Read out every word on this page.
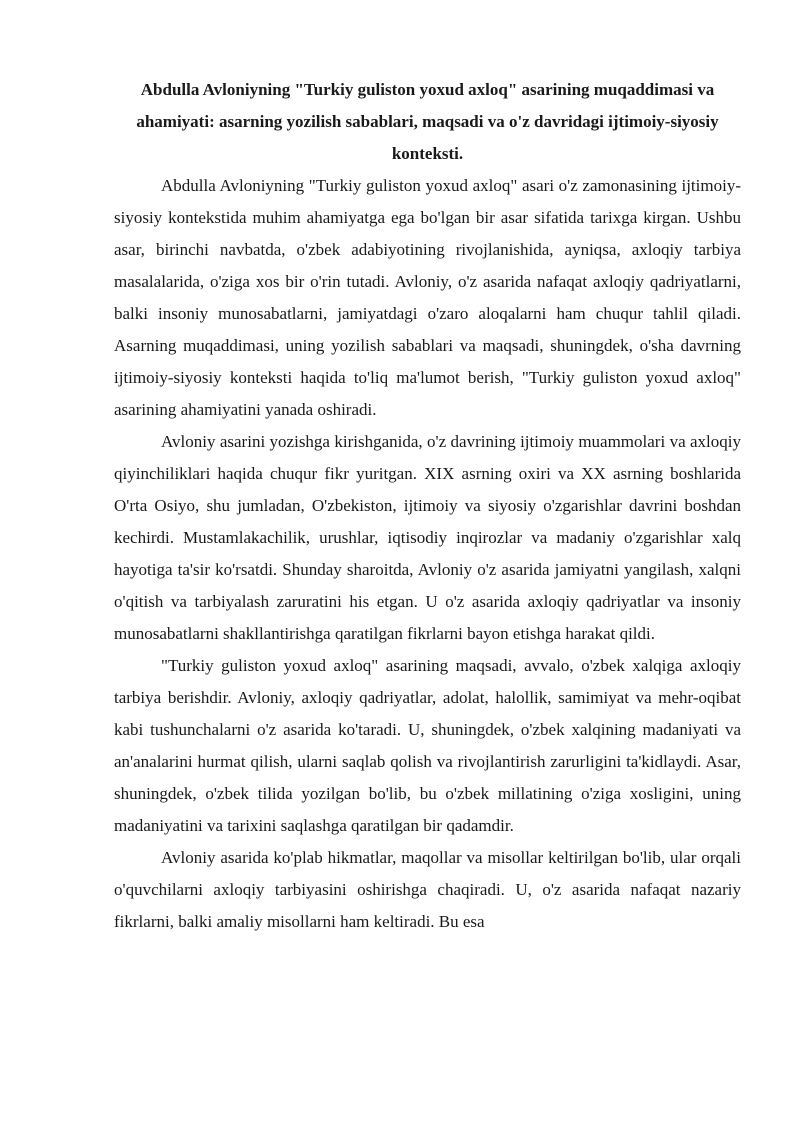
Abdulla Avloniyning "Turkiy guliston yoxud axloq" asarining muqaddimasi va ahamiyati: asarning yozilish sabablari, maqsadi va o'z davridagi ijtimoiy-siyosiy konteksti.

Abdulla Avloniyning "Turkiy guliston yoxud axloq" asari o'z zamonasining ijtimoiy-siyosiy kontekstida muhim ahamiyatga ega bo'lgan bir asar sifatida tarixga kirgan. Ushbu asar, birinchi navbatda, o'zbek adabiyotining rivojlanishida, ayniqsa, axloqiy tarbiya masalalarida, o'ziga xos bir o'rin tutadi. Avloniy, o'z asarida nafaqat axloqiy qadriyatlarni, balki insoniy munosabatlarni, jamiyatdagi o'zaro aloqalarni ham chuqur tahlil qiladi. Asarning muqaddimasi, uning yozilish sabablari va maqsadi, shuningdek, o'sha davrning ijtimoiy-siyosiy konteksti haqida to'liq ma'lumot berish, "Turkiy guliston yoxud axloq" asarining ahamiyatini yanada oshiradi.

Avloniy asarini yozishga kirishganida, o'z davrining ijtimoiy muammolari va axloqiy qiyinchiliklari haqida chuqur fikr yuritgan. XIX asrning oxiri va XX asrning boshlarida O'rta Osiyo, shu jumladan, O'zbekiston, ijtimoiy va siyosiy o'zgarishlar davrini boshdan kechirdi. Mustamlakachilik, urushlar, iqtisodiy inqirozlar va madaniy o'zgarishlar xalq hayotiga ta'sir ko'rsatdi. Shunday sharoitda, Avloniy o'z asarida jamiyatni yangilash, xalqni o'qitish va tarbiyalash zaruratini his etgan. U o'z asarida axloqiy qadriyatlar va insoniy munosabatlarni shakllantirishga qaratilgan fikrlarni bayon etishga harakat qildi.

"Turkiy guliston yoxud axloq" asarining maqsadi, avvalo, o'zbek xalqiga axloqiy tarbiya berishdir. Avloniy, axloqiy qadriyatlar, adolat, halollik, samimiyat va mehr-oqibat kabi tushunchalarni o'z asarida ko'taradi. U, shuningdek, o'zbek xalqining madaniyati va an'analarini hurmat qilish, ularni saqlab qolish va rivojlantirish zarurligini ta'kidlaydi. Asar, shuningdek, o'zbek tilida yozilgan bo'lib, bu o'zbek millatining o'ziga xosligini, uning madaniyatini va tarixini saqlashga qaratilgan bir qadamdir.

Avloniy asarida ko'plab hikmatlar, maqollar va misollar keltirilgan bo'lib, ular orqali o'quvchilarni axloqiy tarbiyasini oshirishga chaqiradi. U, o'z asarida nafaqat nazariy fikrlarni, balki amaliy misollarni ham keltiradi. Bu esa
